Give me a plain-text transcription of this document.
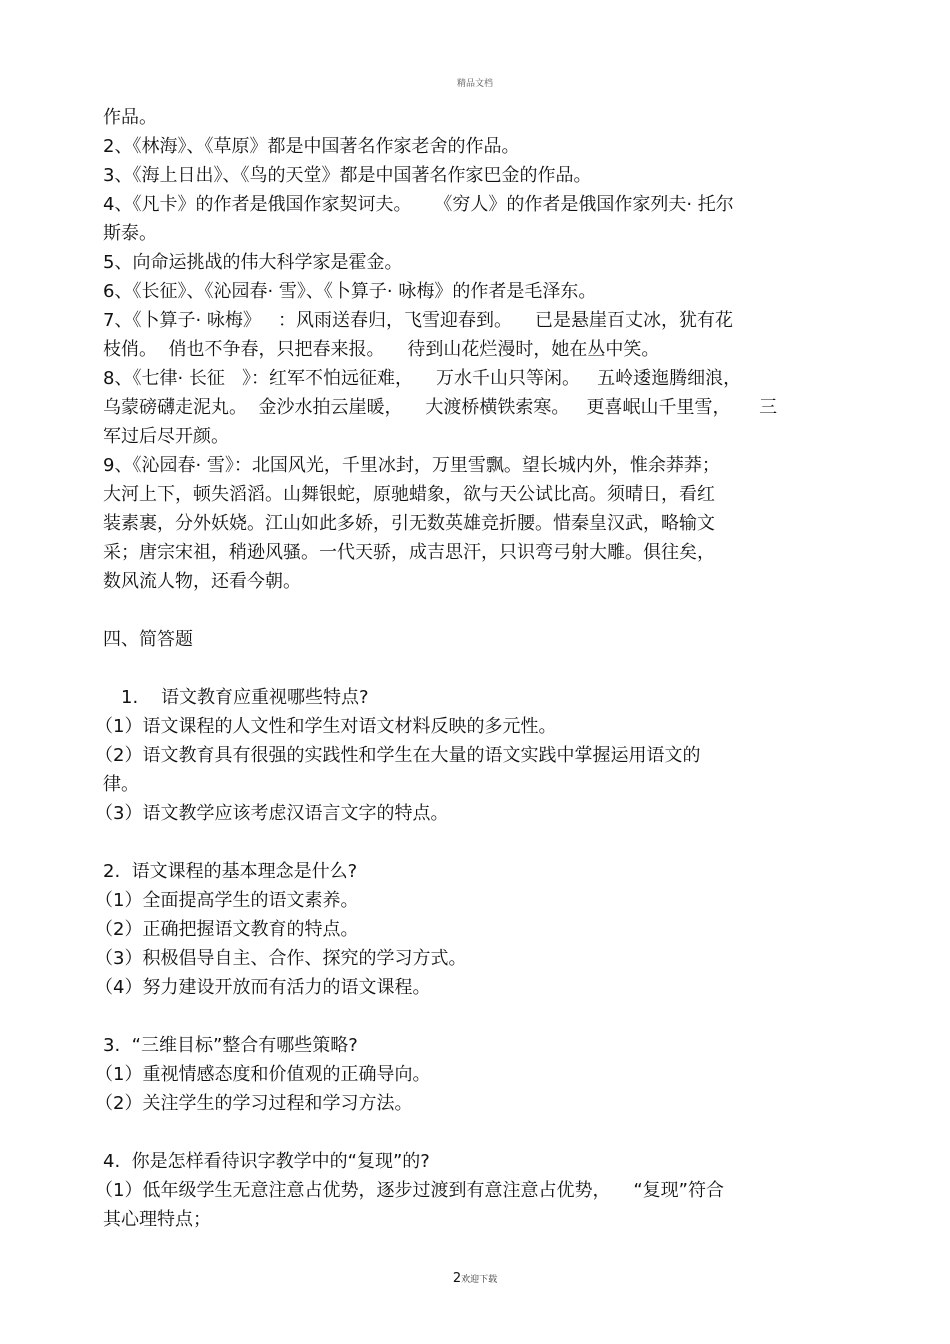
精品文档
作品。
2、《林海》、《草原》都是中国著名作家老舍的作品。
3、《海上日出》、《鸟的天堂》都是中国著名作家巴金的作品。
4、《凡卡》的作者是俄国作家契诃夫。    《穷人》的作者是俄国作家列夫· 托尔
斯泰。
5、向命运挑战的伟大科学家是霍金。
6、《长征》、《沁园春· 雪》、《卜算子· 咏梅》的作者是毛泽东。
7、《卜算子· 咏梅》   ：风雨送春归，飞雪迎春到。    已是悬崖百丈冰，犹有花
枝俏。  俏也不争春，只把春来报。    待到山花烂漫时，她在丛中笑。
8、《七律· 长征   》：红军不怕远征难，    万水千山只等闲。   五岭逶迤腾细浪，
乌蒙磅礴走泥丸。  金沙水拍云崖暖，    大渡桥横铁索寒。   更喜岷山千里雪，     三
军过后尽开颜。
9、《沁园春· 雪》：北国风光，千里冰封，万里雪飘。望长城内外，惟余莽莽；
大河上下，顿失滔滔。山舞银蛇，原驰蜡象，欲与天公试比高。须晴日，看红
装素裹，分外妖娆。江山如此多娇，引无数英雄竞折腰。惜秦皇汉武，略输文
采；唐宗宋祖，稍逊风骚。一代天骄，成吉思汗，只识弯弓射大雕。俱往矣，
数风流人物，还看今朝。
四、简答题
1.    语文教育应重视哪些特点?
（1）语文课程的人文性和学生对语文材料反映的多元性。
（2）语文教育具有很强的实践性和学生在大量的语文实践中掌握运用语文的
律。
（3）语文教学应该考虑汉语言文字的特点。
2.  语文课程的基本理念是什么?
（1）全面提高学生的语文素养。
（2）正确把握语文教育的特点。
（3）积极倡导自主、合作、探究的学习方式。
（4）努力建设开放而有活力的语文课程。
3.  “三维目标”整合有哪些策略?
（1）重视情感态度和价值观的正确导向。
（2）关注学生的学习过程和学习方法。
4.  你是怎样看待识字教学中的“复现”的?
（1）低年级学生无意注意占优势，逐步过渡到有意注意占优势，    “复现”符合
其心理特点；
2欢迎下载
